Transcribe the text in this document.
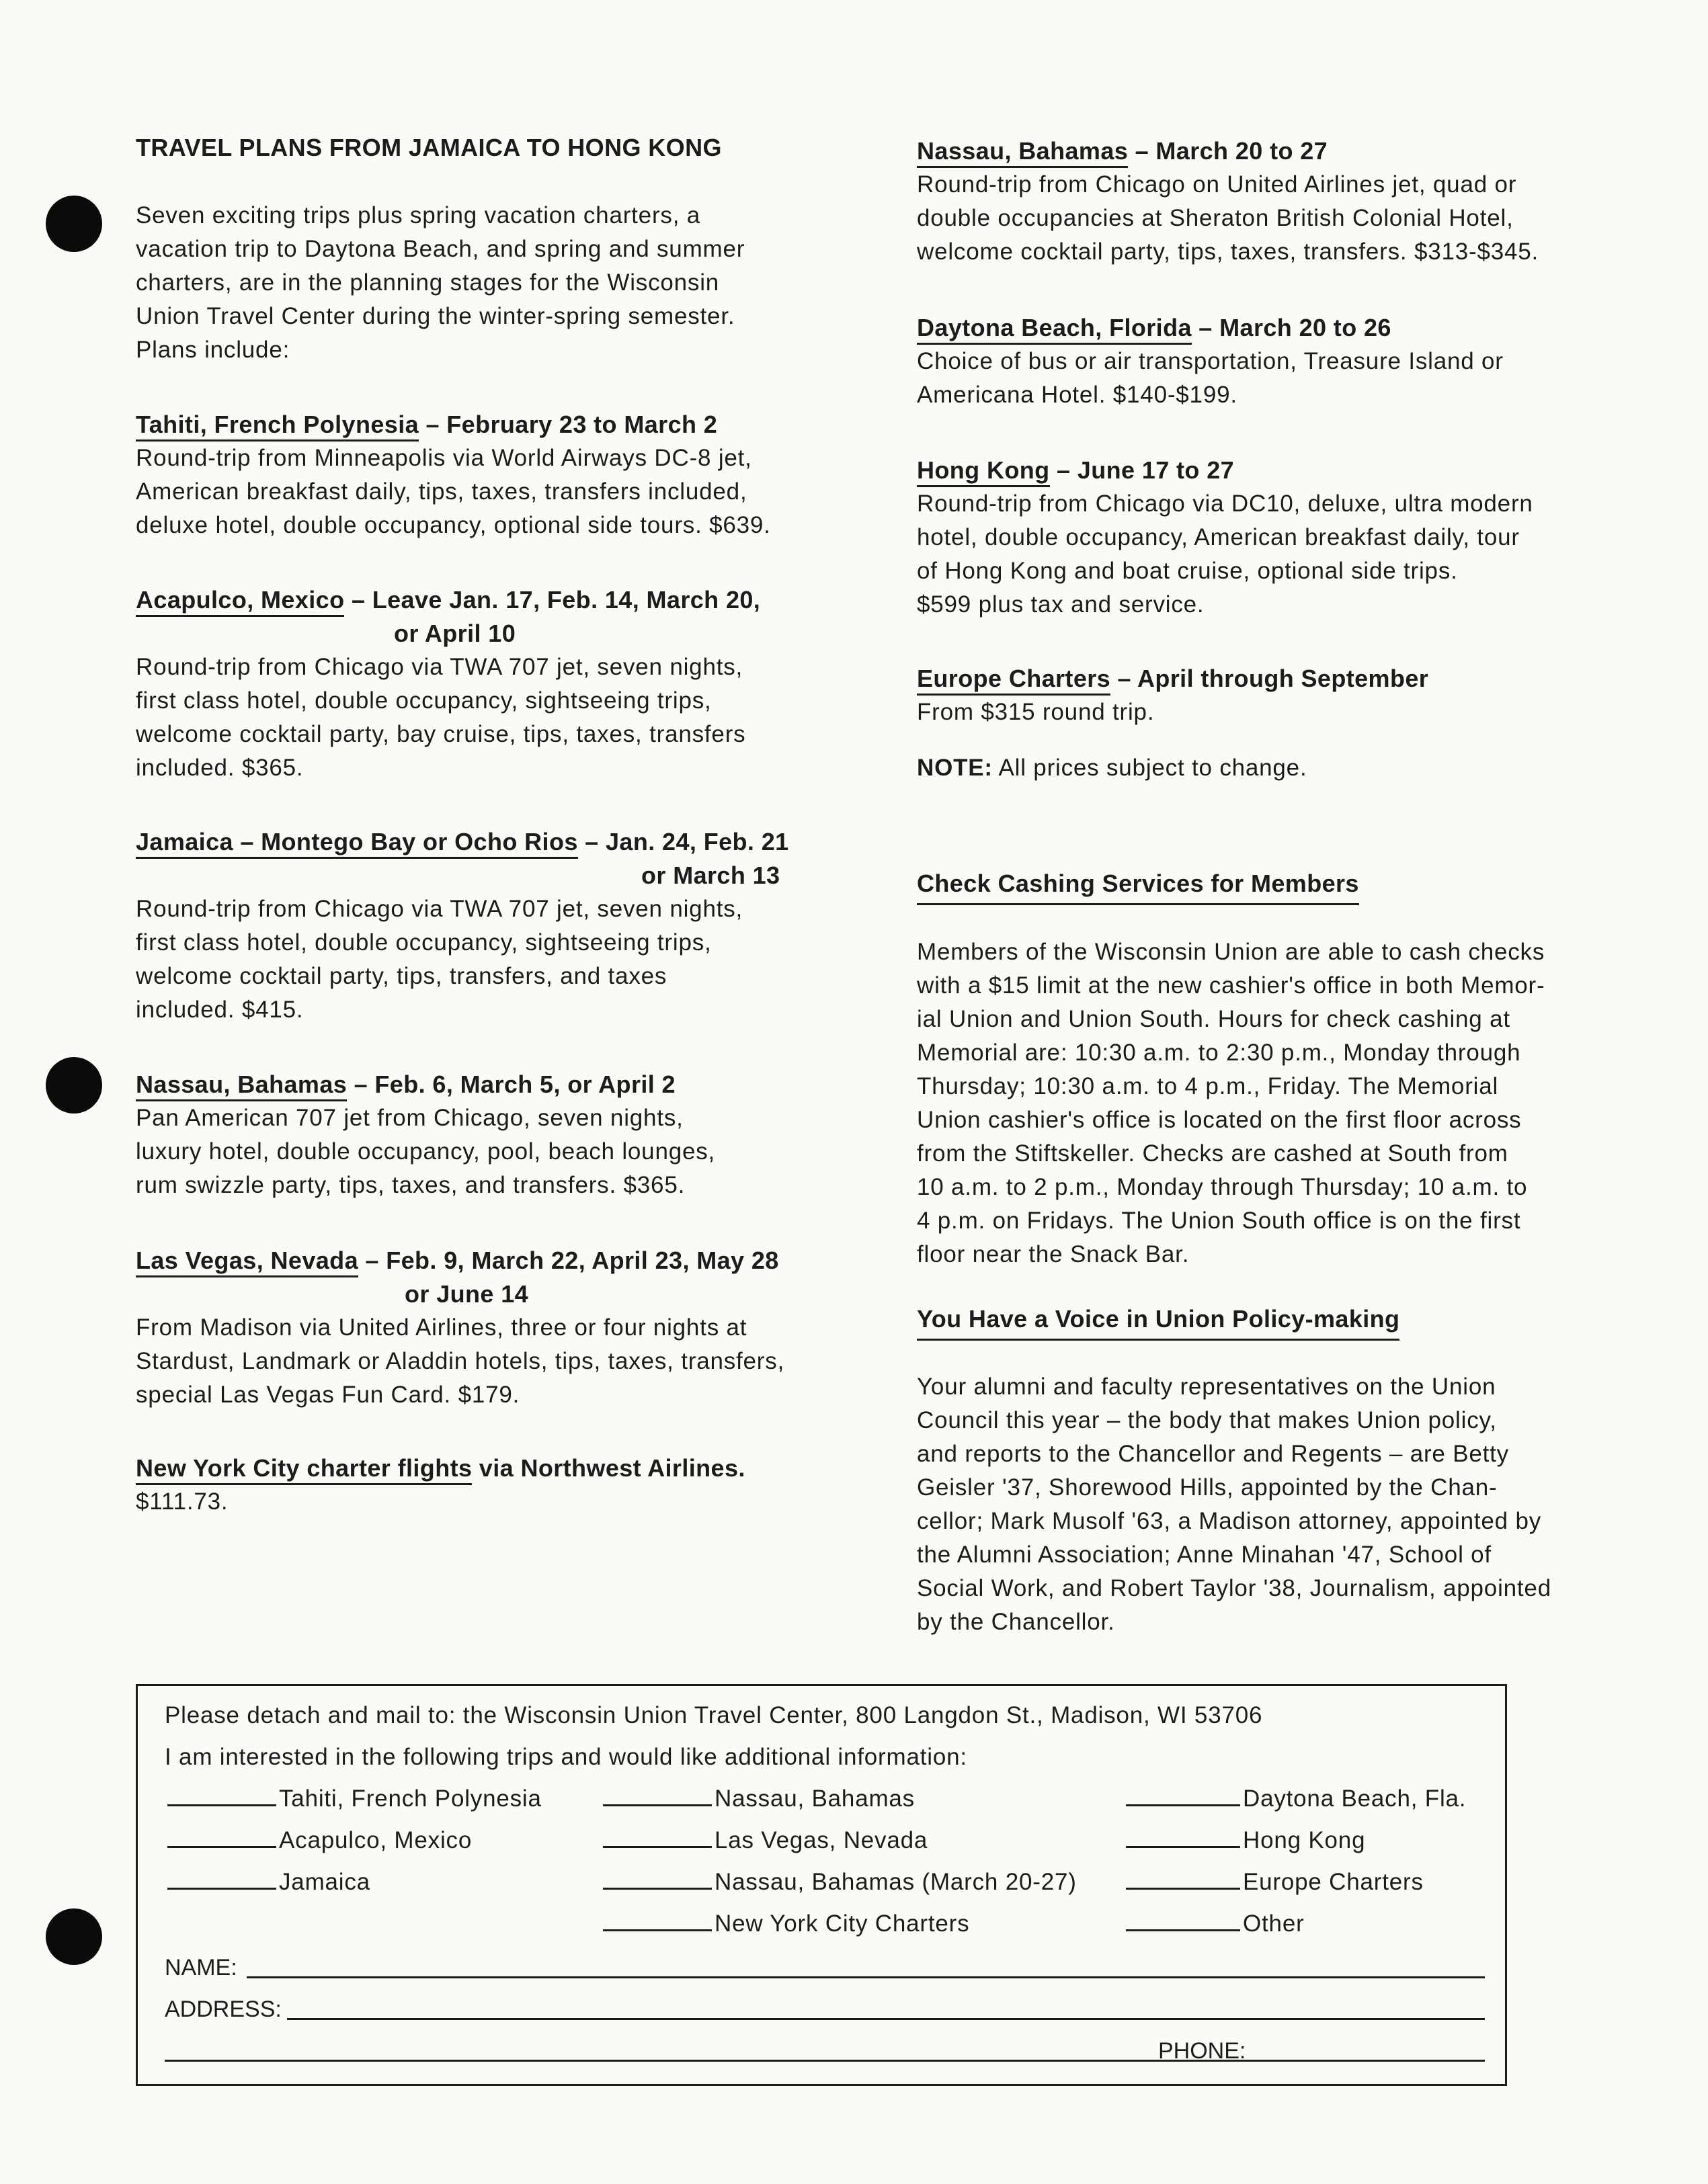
TRAVEL PLANS FROM JAMAICA TO HONG KONG
Seven exciting trips plus spring vacation charters, a
vacation trip to Daytona Beach, and spring and summer
charters, are in the planning stages for the Wisconsin
Union Travel Center during the winter-spring semester.
Plans include:
Tahiti, French Polynesia – February 23 to March 2
Round-trip from Minneapolis via World Airways DC-8 jet,
American breakfast daily, tips, taxes, transfers included,
deluxe hotel, double occupancy, optional side tours. $639.
Acapulco, Mexico – Leave Jan. 17, Feb. 14, March 20,
or April 10
Round-trip from Chicago via TWA 707 jet, seven nights,
first class hotel, double occupancy, sightseeing trips,
welcome cocktail party, bay cruise, tips, taxes, transfers
included. $365.
Jamaica – Montego Bay or Ocho Rios – Jan. 24, Feb. 21
or March 13
Round-trip from Chicago via TWA 707 jet, seven nights,
first class hotel, double occupancy, sightseeing trips,
welcome cocktail party, tips, transfers, and taxes
included. $415.
Nassau, Bahamas – Feb. 6, March 5, or April 2
Pan American 707 jet from Chicago, seven nights,
luxury hotel, double occupancy, pool, beach lounges,
rum swizzle party, tips, taxes, and transfers. $365.
Las Vegas, Nevada – Feb. 9, March 22, April 23, May 28
or June 14
From Madison via United Airlines, three or four nights at
Stardust, Landmark or Aladdin hotels, tips, taxes, transfers,
special Las Vegas Fun Card. $179.
New York City charter flights via Northwest Airlines.
$111.73.
Nassau, Bahamas – March 20 to 27
Round-trip from Chicago on United Airlines jet, quad or
double occupancies at Sheraton British Colonial Hotel,
welcome cocktail party, tips, taxes, transfers. $313-$345.
Daytona Beach, Florida – March 20 to 26
Choice of bus or air transportation, Treasure Island or
Americana Hotel. $140-$199.
Hong Kong – June 17 to 27
Round-trip from Chicago via DC10, deluxe, ultra modern
hotel, double occupancy, American breakfast daily, tour
of Hong Kong and boat cruise, optional side trips.
$599 plus tax and service.
Europe Charters – April through September
From $315 round trip.
NOTE: All prices subject to change.
Check Cashing Services for Members
Members of the Wisconsin Union are able to cash checks
with a $15 limit at the new cashier's office in both Memor-
ial Union and Union South. Hours for check cashing at
Memorial are: 10:30 a.m. to 2:30 p.m., Monday through
Thursday; 10:30 a.m. to 4 p.m., Friday. The Memorial
Union cashier's office is located on the first floor across
from the Stiftskeller. Checks are cashed at South from
10 a.m. to 2 p.m., Monday through Thursday; 10 a.m. to
4 p.m. on Fridays. The Union South office is on the first
floor near the Snack Bar.
You Have a Voice in Union Policy-making
Your alumni and faculty representatives on the Union
Council this year – the body that makes Union policy,
and reports to the Chancellor and Regents – are Betty
Geisler '37, Shorewood Hills, appointed by the Chan-
cellor; Mark Musolf '63, a Madison attorney, appointed by
the Alumni Association; Anne Minahan '47, School of
Social Work, and Robert Taylor '38, Journalism, appointed
by the Chancellor.
Please detach and mail to: the Wisconsin Union Travel Center, 800 Langdon St., Madison, WI 53706
I am interested in the following trips and would like additional information:
Tahiti, French Polynesia
Acapulco, Mexico
Jamaica
Nassau, Bahamas
Las Vegas, Nevada
Nassau, Bahamas (March 20-27)
New York City Charters
Daytona Beach, Fla.
Hong Kong
Europe Charters
Other
NAME:
ADDRESS:
PHONE:
